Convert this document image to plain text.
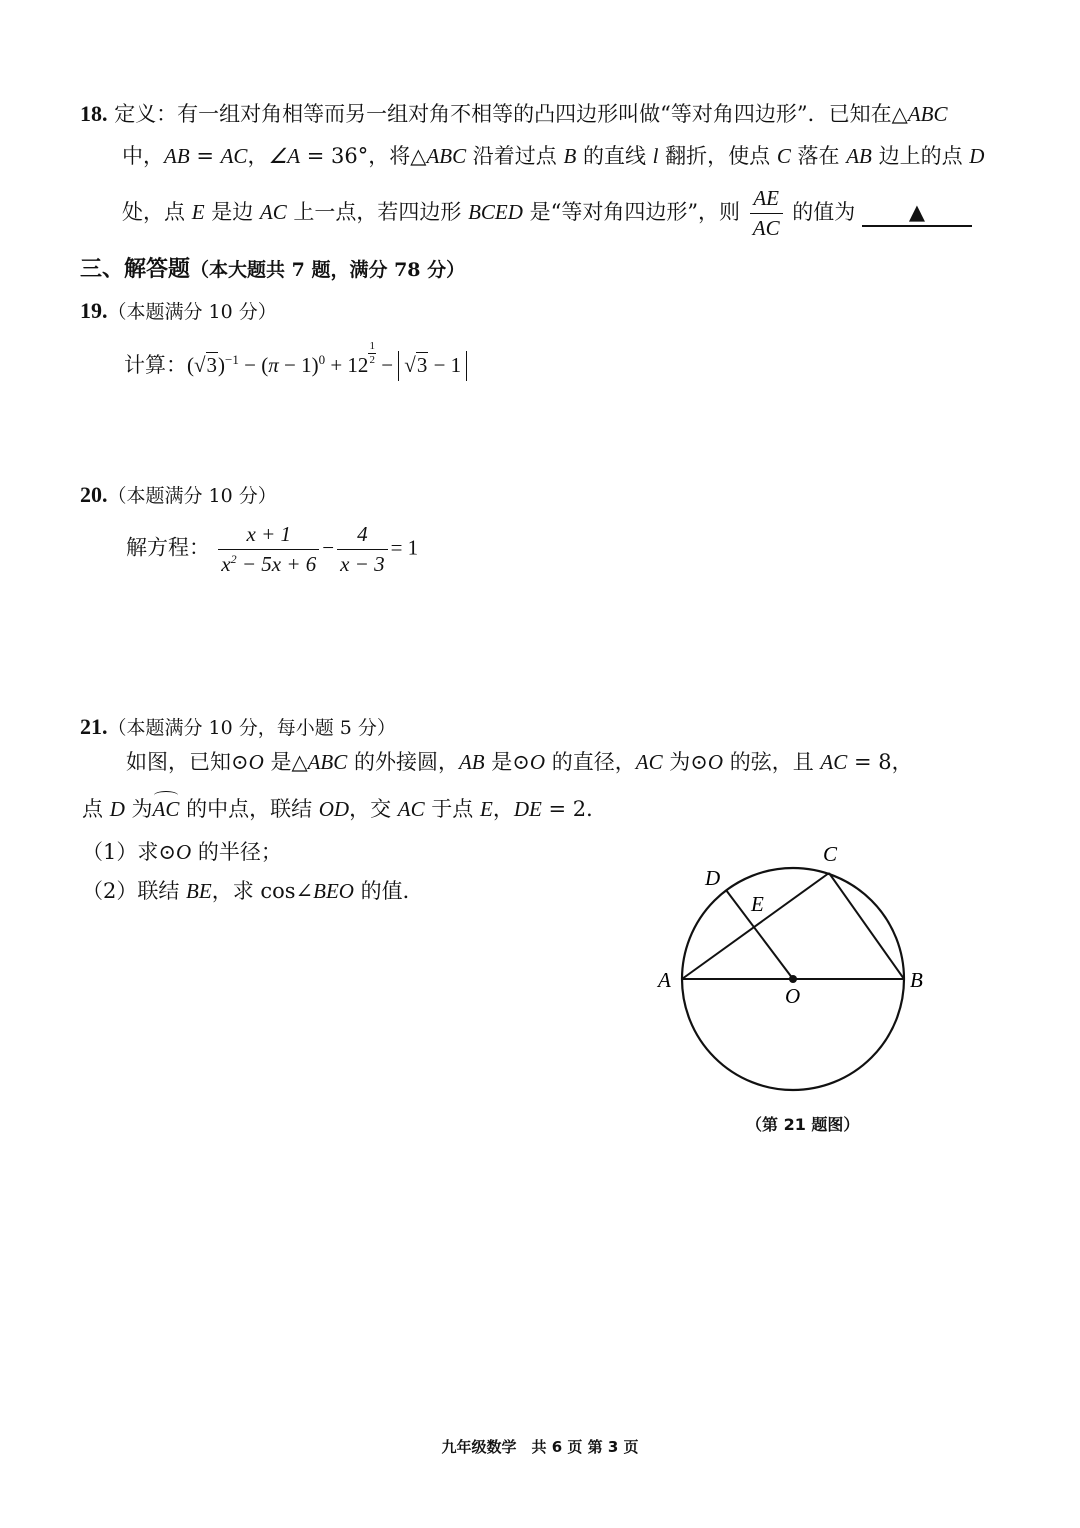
18. 定义：有一组对角相等而另一组对角不相等的凸四边形叫做“等对角四边形”．已知在△ABC
中，AB = AC，∠A = 36°，将△ABC 沿着过点 B 的直线 l 翻折，使点 C 落在 AB 边上的点 D
处，点 E 是边 AC 上一点，若四边形 BCED 是“等对角四边形”，则 $\frac{AE}{AC}$ 的值为	▲
三、解答题（本大题共 7 题，满分 78 分）
19.（本题满分 10 分）
计算：$(√3)^{-1} - (\pi - 1)^0 + 12$ $^{\frac{1}{2}}$ − √3 − 1
20.（本题满分 10 分）
解方程： $\frac{x + 1}{x^2 - 5x + 6} - \frac{4}{x - 3} = 1$
21.（本题满分 10 分，每小题 5 分）
如图，已知⊙O 是△ABC 的外接圆，AB 是⊙O 的直径，AC 为⊙O 的弦，且 AC = 8，
点 D 为AC 的中点，联结 OD，交 AC 于点 E，DE = 2．
（1）求⊙O 的半径；
（2）联结 BE，求 cos∠BEO 的值．
A	B
C
D
E
O
（第 21 题图）
九年级数学　共 6 页 第 3 页
